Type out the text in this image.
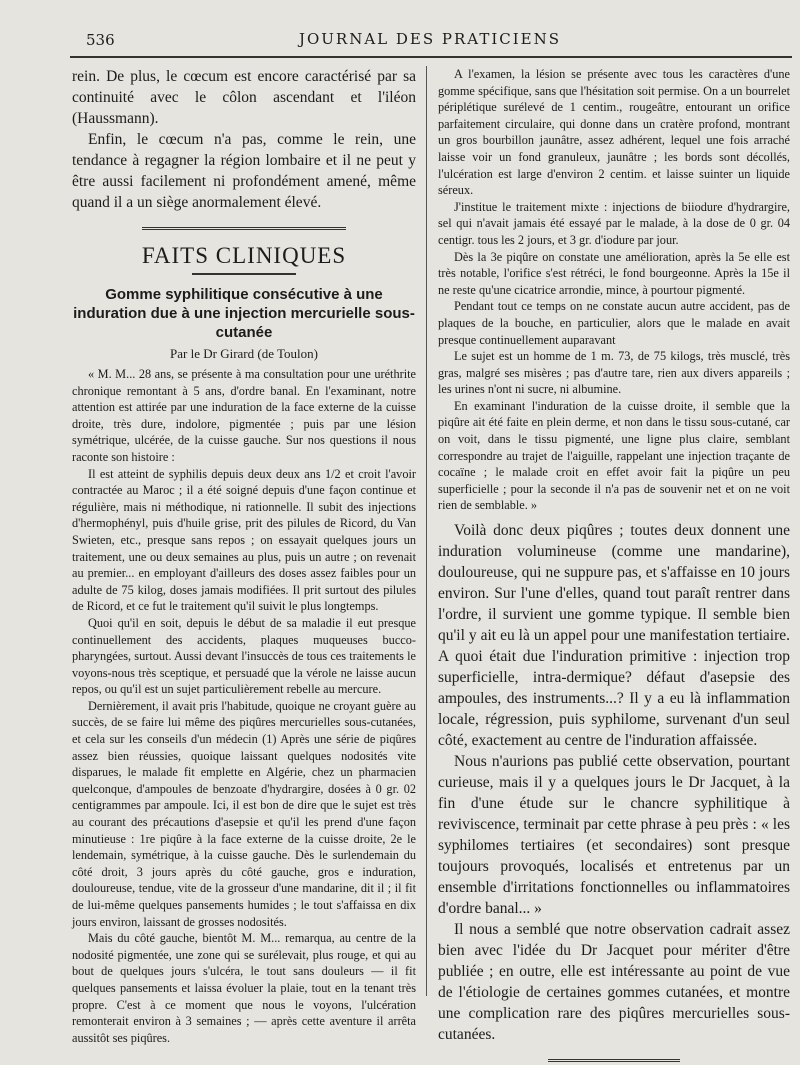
536	JOURNAL DES PRATICIENS

rein. De plus, le cœcum est encore caractérisé par sa continuité avec le côlon ascendant et l'iléon (Haussmann).

Enfin, le cœcum n'a pas, comme le rein, une tendance à regagner la région lombaire et il ne peut y être aussi facilement ni profondément amené, même quand il a un siège anormalement élevé.

FAITS CLINIQUES
Gomme syphilitique consécutive à une induration due à une injection mercurielle sous-cutanée
Par le Dr Girard (de Toulon)

« M. M... 28 ans, se présente à ma consultation pour une uréthrite chronique remontant à 5 ans, d'ordre banal. En l'examinant, notre attention est attirée par une induration de la face externe de la cuisse droite, très dure, indolore, pigmentée ; puis par une lésion symétrique, ulcérée, de la cuisse gauche. Sur nos questions il nous raconte son histoire :

Il est atteint de syphilis depuis deux deux ans 1/2 et croit l'avoir contractée au Maroc ; il a été soigné depuis d'une façon continue et régulière, mais ni méthodique, ni rationnelle. Il subit des injections d'hermophényl, puis d'huile grise, prit des pilules de Ricord, du Van Swieten, etc., presque sans repos ; on essayait quelques jours un traitement, une ou deux semaines au plus, puis un autre ; on revenait au premier... en employant d'ailleurs des doses assez faibles pour un adulte de 75 kilog, doses jamais modifiées. Il prit surtout des pilules de Ricord, et ce fut le traitement qu'il suivit le plus longtemps.

Quoi qu'il en soit, depuis le début de sa maladie il eut presque continuellement des accidents, plaques muqueuses bucco-pharyngées, surtout. Aussi devant l'insuccès de tous ces traitements le voyons-nous très sceptique, et persuadé que la vérole ne laisse aucun repos, ou qu'il est un sujet particulièrement rebelle au mercure.

Dernièrement, il avait pris l'habitude, quoique ne croyant guère au succès, de se faire lui même des piqûres mercurielles sous-cutanées, et cela sur les conseils d'un médecin (1) Après une série de piqûres assez bien réussies, quoique laissant quelques nodosités vite disparues, le malade fit emplette en Algérie, chez un pharmacien quelconque, d'ampoules de benzoate d'hydrargire, dosées à 0 gr. 02 centigrammes par ampoule. Ici, il est bon de dire que le sujet est très au courant des précautions d'asepsie et qu'il les prend d'une façon minutieuse : 1re piqûre à la face externe de la cuisse droite, 2e le lendemain, symétrique, à la cuisse gauche. Dès le surlendemain du côté droit, 3 jours après du côté gauche, gros e induration, douloureuse, tendue, vite de la grosseur d'une mandarine, dit il ; il fit de lui-même quelques pansements humides ; le tout s'affaissa en dix jours environ, laissant de grosses nodosités.

Mais du côté gauche, bientôt M. M... remarqua, au centre de la nodosité pigmentée, une zone qui se surélevait, plus rouge, et qui au bout de quelques jours s'ulcéra, le tout sans douleurs — il fit quelques pansements et laissa évoluer la plaie, tout en la tenant très propre. C'est à ce moment que nous le voyons, l'ulcération remonterait environ à 3 semaines ; — après cette aventure il arrêta aussitôt ses piqûres.

A l'examen, la lésion se présente avec tous les caractères d'une gomme spécifique, sans que l'hésitation soit permise. On a un bourrelet périplétique surélevé de 1 centim., rougeâtre, entourant un orifice parfaitement circulaire, qui donne dans un cratère profond, montrant un gros bourbillon jaunâtre, assez adhérent, lequel une fois arraché laisse voir un fond granuleux, jaunâtre ; les bords sont décollés, l'ulcération est large d'environ 2 centim. et laisse suinter un liquide séreux.

J'institue le traitement mixte : injections de biiodure d'hydrargire, sel qui n'avait jamais été essayé par le malade, à la dose de 0 gr. 04 centigr. tous les 2 jours, et 3 gr. d'iodure par jour.

Dès la 3e piqûre on constate une amélioration, après la 5e elle est très notable, l'orifice s'est rétréci, le fond bourgeonne. Après la 15e il ne reste qu'une cicatrice arrondie, mince, à pourtour pigmenté.

Pendant tout ce temps on ne constate aucun autre accident, pas de plaques de la bouche, en particulier, alors que le malade en avait presque continuellement auparavant

Le sujet est un homme de 1 m. 73, de 75 kilogs, très musclé, très gras, malgré ses misères ; pas d'autre tare, rien aux divers appareils ; les urines n'ont ni sucre, ni albumine.

En examinant l'induration de la cuisse droite, il semble que la piqûre ait été faite en plein derme, et non dans le tissu sous-cutané, car on voit, dans le tissu pigmenté, une ligne plus claire, semblant correspondre au trajet de l'aiguille, rappelant une injection traçante de cocaïne ; le malade croit en effet avoir fait la piqûre un peu superficielle ; pour la seconde il n'a pas de souvenir net et on ne voit rien de semblable. »

Voilà donc deux piqûres ; toutes deux donnent une induration volumineuse (comme une mandarine), douloureuse, qui ne suppure pas, et s'affaisse en 10 jours environ. Sur l'une d'elles, quand tout paraît rentrer dans l'ordre, il survient une gomme typique. Il semble bien qu'il y ait eu là un appel pour une manifestation tertiaire. A quoi était due l'induration primitive : injection trop superficielle, intra-dermique? défaut d'asepsie des ampoules, des instruments...? Il y a eu là inflammation locale, régression, puis syphilome, survenant d'un seul côté, exactement au centre de l'induration affaissée.

Nous n'aurions pas publié cette observation, pourtant curieuse, mais il y a quelques jours le Dr Jacquet, à la fin d'une étude sur le chancre syphilitique à reviviscence, terminait par cette phrase à peu près : « les syphilomes tertiaires (et secondaires) sont presque toujours provoqués, localisés et entretenus par un ensemble d'irritations fonctionnelles ou inflammatoires d'ordre banal... »

Il nous a semblé que notre observation cadrait assez bien avec l'idée du Dr Jacquet pour mériter d'être publiée ; en outre, elle est intéressante au point de vue de l'étiologie de certaines gommes cutanées, et montre une complication rare des piqûres mercurielles sous-cutanées.
